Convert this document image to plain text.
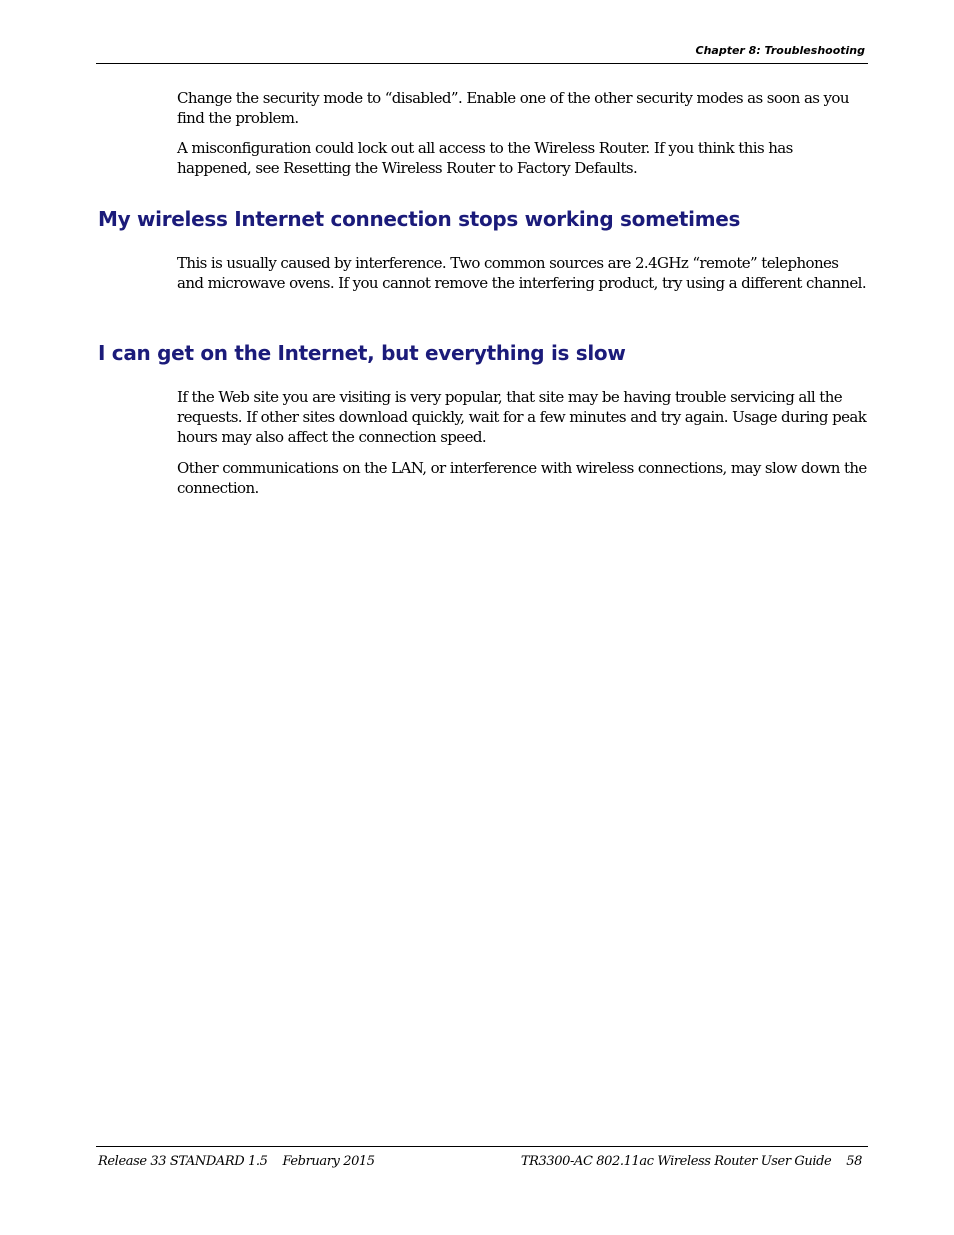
Chapter 8: Troubleshooting

Change the security mode to “disabled”. Enable one of the other security modes as soon as you find the problem.

A misconfiguration could lock out all access to the Wireless Router. If you think this has happened, see Resetting the Wireless Router to Factory Defaults.

My wireless Internet connection stops working sometimes

This is usually caused by interference. Two common sources are 2.4GHz “remote” telephones and microwave ovens. If you cannot remove the interfering product, try using a different channel.

I can get on the Internet, but everything is slow

If the Web site you are visiting is very popular, that site may be having trouble servicing all the requests. If other sites download quickly, wait for a few minutes and try again. Usage during peak hours may also affect the connection speed.

Other communications on the LAN, or interference with wireless connections, may slow down the connection.

Release 33 STANDARD 1.5    February 2015	TR3300-AC 802.11ac Wireless Router User Guide    58
